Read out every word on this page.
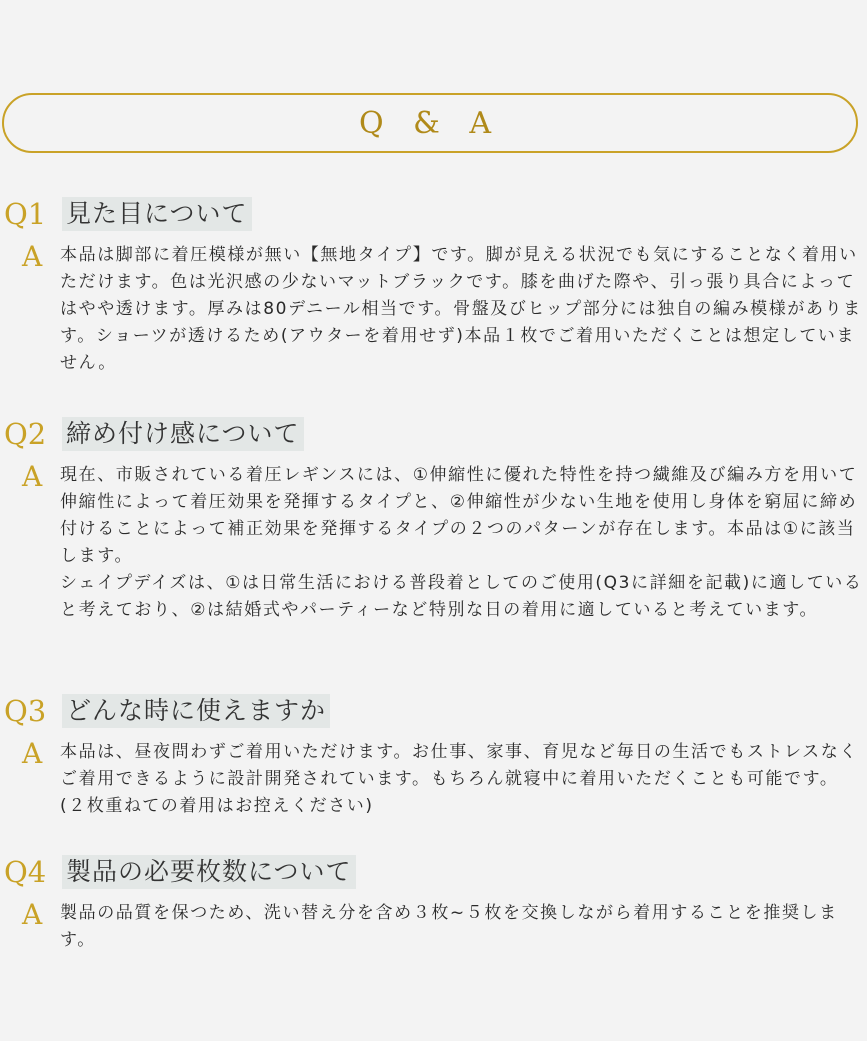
Q & A
Q1 見た目について
A 本品は脚部に着圧模様が無い【無地タイプ】です。脚が見える状況でも気にすることなく着用いただけます。色は光沢感の少ないマットブラックです。膝を曲げた際や、引っ張り具合によってはやや透けます。厚みは80デニール相当です。骨盤及びヒップ部分には独自の編み模様があります。ショーツが透けるため(アウターを着用せず)本品１枚でご着用いただくことは想定していません。

Q2 締め付け感について
A 現在、市販されている着圧レギンスには、①伸縮性に優れた特性を持つ繊維及び編み方を用いて伸縮性によって着圧効果を発揮するタイプと、②伸縮性が少ない生地を使用し身体を窮屈に締め付けることによって補正効果を発揮するタイプの２つのパターンが存在します。本品は①に該当します。

シェイプデイズは、①は日常生活における普段着としてのご使用(Q3に詳細を記載)に適していると考えており、②は結婚式やパーティーなど特別な日の着用に適していると考えています。

Q3 どんな時に使えますか
A 本品は、昼夜問わずご着用いただけます。お仕事、家事、育児など毎日の生活でもストレスなくご着用できるように設計開発されています。もちろん就寝中に着用いただくことも可能です。(２枚重ねての着用はお控えください)

Q4 製品の必要枚数について
A 製品の品質を保つため、洗い替え分を含め３枚~５枚を交換しながら着用することを推奨します。
